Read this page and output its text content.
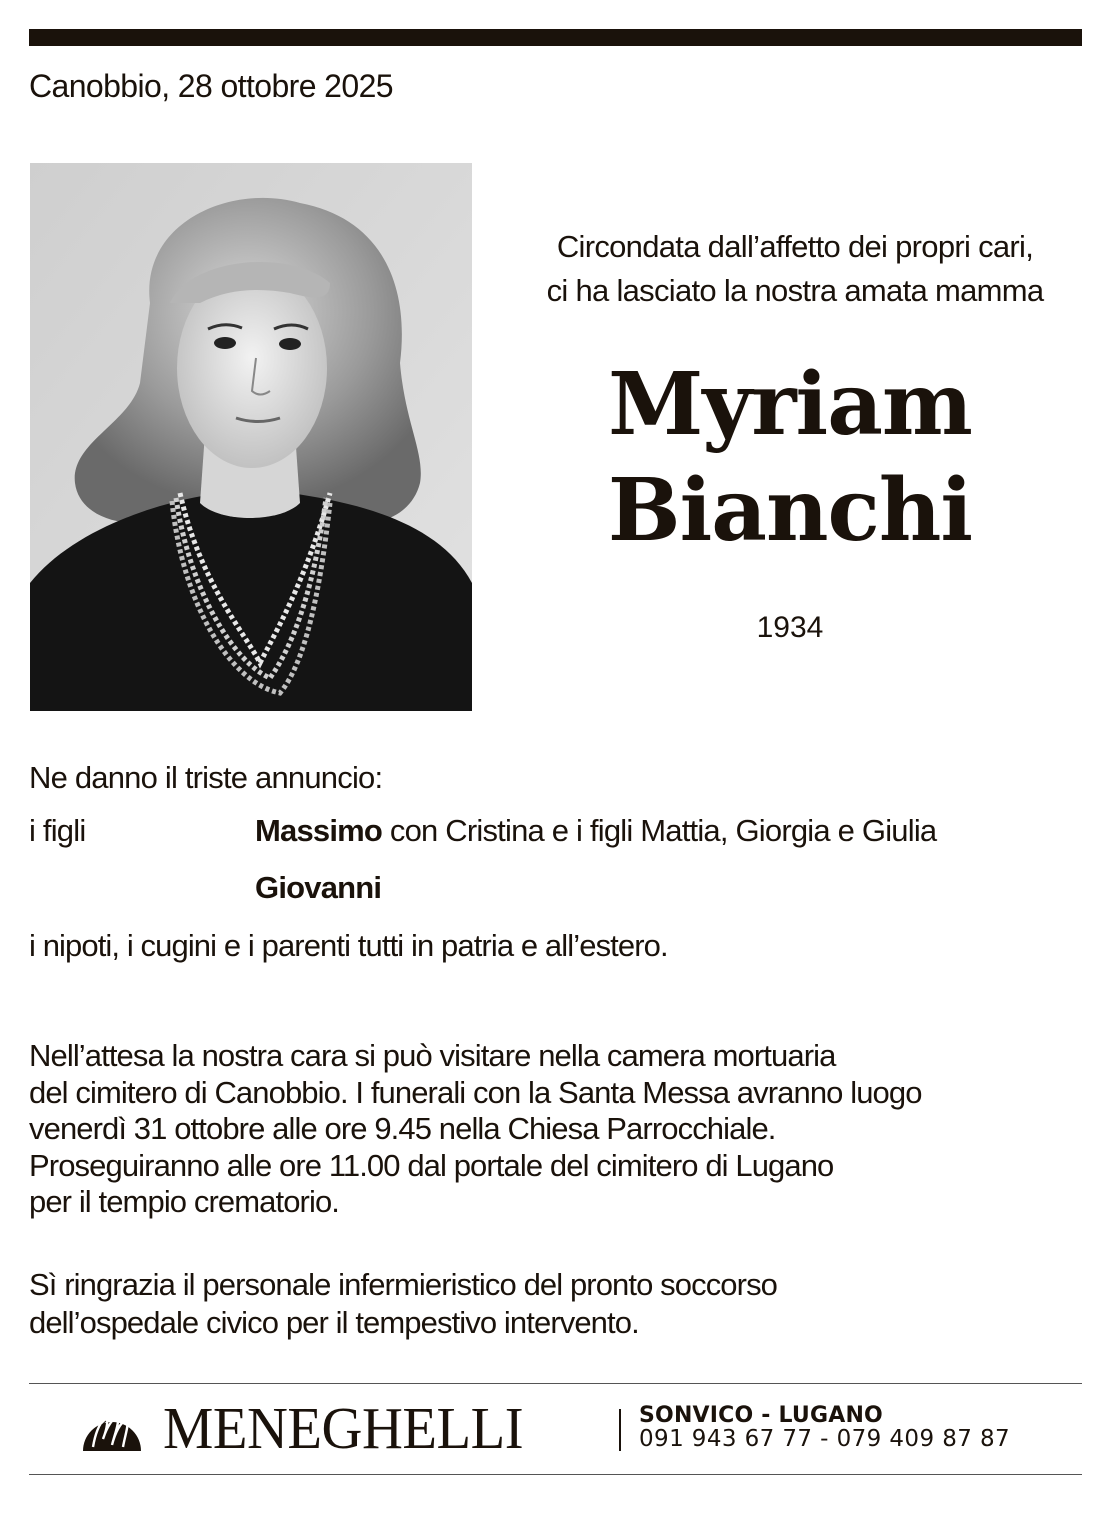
Canobbio, 28 ottobre 2025
Circondata dall’affetto dei propri cari,
ci ha lasciato la nostra amata mamma
Myriam
Bianchi
1934
Ne danno il triste annuncio:
i figli	Massimo con Cristina e i figli Mattia, Giorgia e Giulia
Giovanni
i nipoti, i cugini e i parenti tutti in patria e all’estero.

Nell’attesa la nostra cara si può visitare nella camera mortuaria

del cimitero di Canobbio. I funerali con la Santa Messa avranno luogo

venerdì 31 ottobre alle ore 9.45 nella Chiesa Parrocchiale.

Proseguiranno alle ore 11.00 dal portale del cimitero di Lugano

per il tempio crematorio.

Sì ringrazia il personale infermieristico del pronto soccorso

dell’ospedale civico per il tempestivo intervento.

MENEGHELLI	SONVICO - LUGANO
091 943 67 77 - 079 409 87 87
